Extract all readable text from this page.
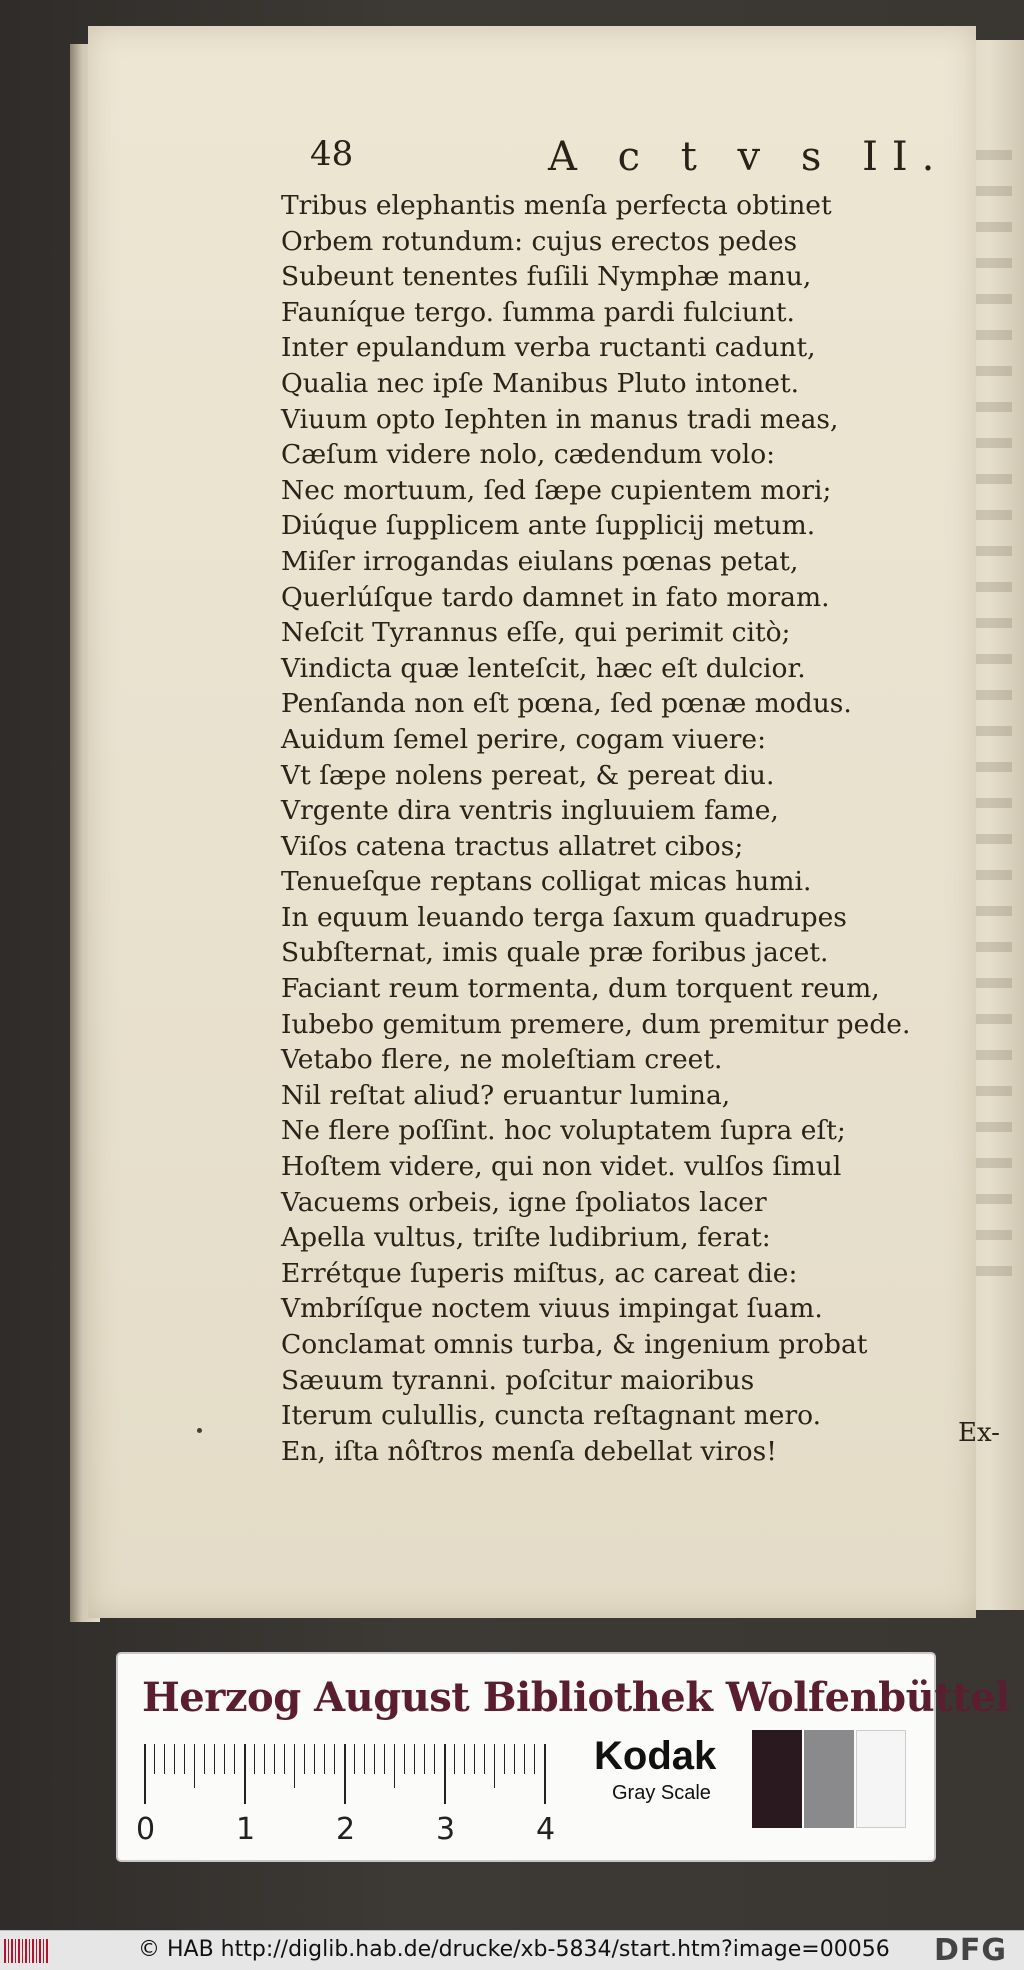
48	A c t v s II.
Tribus elephantis menſa perfecta obtinet
Orbem rotundum: cujus erectos pedes
Subeunt tenentes fuſili Nymphæ manu,
Fauníque tergo. ſumma pardi fulciunt.
Inter epulandum verba ructanti cadunt,
Qualia nec ipſe Manibus Pluto intonet.
Viuum opto Iephten in manus tradi meas,
Cæſum videre nolo, cædendum volo:
Nec mortuum, ſed ſæpe cupientem mori;
Diúque ſupplicem ante ſupplicij metum.
Miſer irrogandas eiulans pœnas petat,
Querlúſque tardo damnet in fato moram.
Neſcit Tyrannus eſſe, qui perimit citò;
Vindicta quæ lenteſcit, hæc eſt dulcior.
Penſanda non eſt pœna, ſed pœnæ modus.
Auidum ſemel perire, cogam viuere:
Vt ſæpe nolens pereat, & pereat diu.
Vrgente dira ventris ingluuiem fame,
Viſos catena tractus allatret cibos;
Tenueſque reptans colligat micas humi.
In equum leuando terga ſaxum quadrupes
Subſternat, imis quale præ foribus jacet.
Faciant reum tormenta, dum torquent reum,
Iubebo gemitum premere, dum premitur pede.
Vetabo flere, ne moleſtiam creet.
Nil reſtat aliud? eruantur lumina,
Ne flere poſſint. hoc voluptatem ſupra eſt;
Hoſtem videre, qui non videt. vulſos ſimul
Vacuems orbeis, igne ſpoliatos lacer
Apella vultus, triſte ludibrium, ferat:
Errétque ſuperis miſtus, ac careat die:
Vmbríſque noctem viuus impingat ſuam.
Conclamat omnis turba, & ingenium probat
Sæuum tyranni. poſcitur maioribus
Iterum culullis, cuncta reſtagnant mero.
En, iſta nôſtros menſa debellat viros!
Ex-
Herzog August Bibliothek Wolfenbüttel
0	1	2	3	4
Kodak
Gray Scale
© HAB http://diglib.hab.de/drucke/xb-5834/start.htm?image=00056 DFG
